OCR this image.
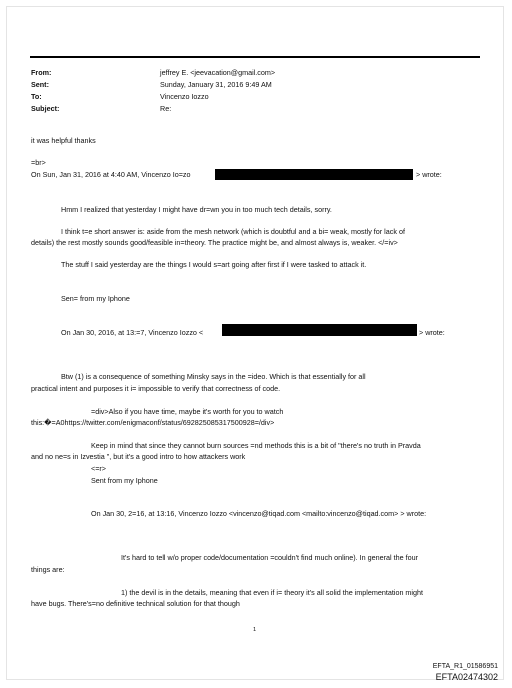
From:	jeffrey E. <jeevacation@gmail.com>
Sent:	Sunday, January 31, 2016 9:49 AM
To:	Vincenzo Iozzo
Subject:	Re:
it was helpful thanks
=br>
On Sun, Jan 31, 2016 at 4:40 AM, Vincenzo Io=zo	> wrote:
Hmm I realized that yesterday I might have dr=wn you in too much tech details, sorry.
I think t=e short answer is: aside from the mesh network (which is doubtful and a bi= weak, mostly for lack of
details) the rest mostly sounds good/feasible in=theory. The practice might be, and almost always is, weaker. </=iv>
The stuff I said yesterday are the things I would s=art going after first if I were tasked to attack it.
Sen= from my Iphone
On Jan 30, 2016, at 13:=7, Vincenzo Iozzo <	> wrote:
Btw (1) is a consequence of something Minsky says in the =ideo. Which is that essentially for all
practical intent and purposes it i= impossible to verify that correctness of code.
=div>Also if you have time, maybe it's worth for you to watch
this:�=A0https://twitter.com/enigmaconf/status/692825085317500928=/div>
Keep in mind that since they cannot burn sources =nd methods this is a bit of "there's no truth in Pravda
and no ne=s in Izvestia ", but it's a good intro to how attackers work
<=r>
Sent from my Iphone
On Jan 30, 2=16, at 13:16, Vincenzo Iozzo <vincenzo@tiqad.com <mailto:vincenzo@tiqad.com> > wrote:
It's hard to tell w/o proper code/documentation =couldn't find much online). In general the four
things are:
1) the devil is in the details, meaning that even if i= theory it's all solid the implementation might
have bugs. There's=no definitive technical solution for that though
1
EFTA_R1_01586951
EFTA02474302
